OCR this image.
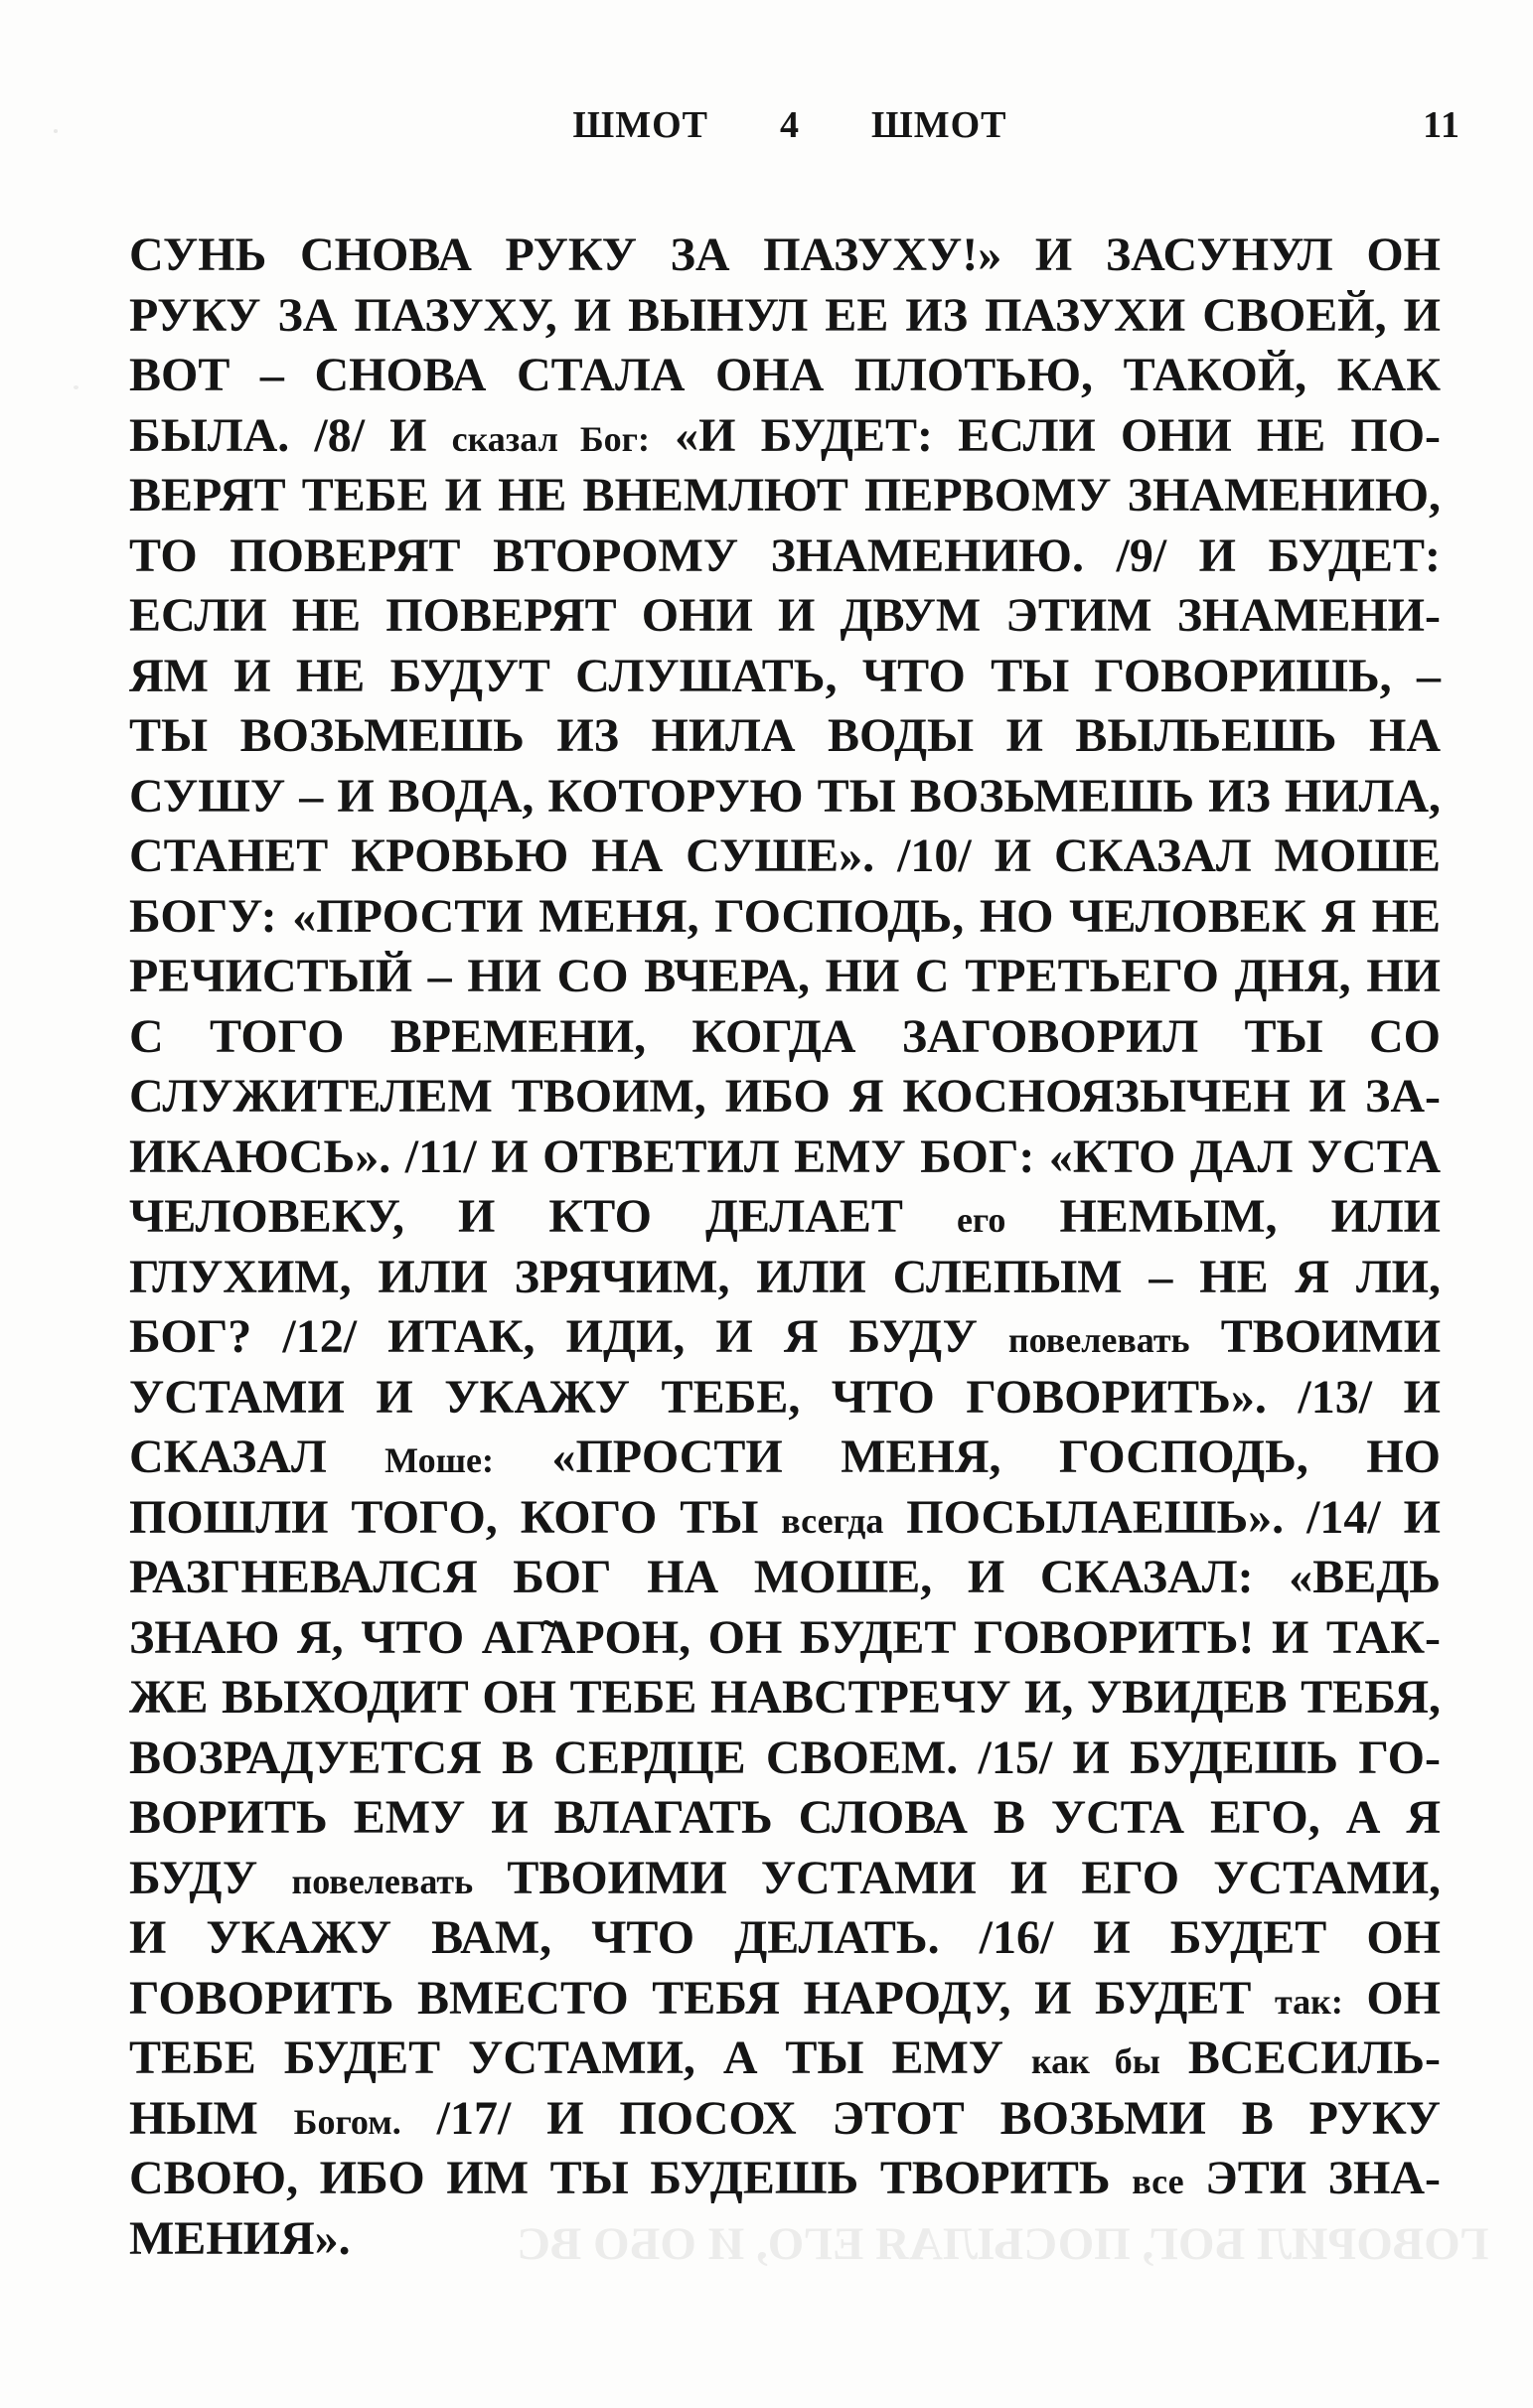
ШМОТ 4 ШМОТ	11
СУНЬ СНОВА РУКУ ЗА ПАЗУХУ!» И ЗАСУНУЛ ОН
РУКУ ЗА ПАЗУХУ, И ВЫНУЛ ЕЕ ИЗ ПАЗУХИ СВОЕЙ, И
ВОТ – СНОВА СТАЛА ОНА ПЛОТЬЮ, ТАКОЙ, КАК
БЫЛА. /8/ И сказал Бог: «И БУДЕТ: ЕСЛИ ОНИ НЕ ПО-
ВЕРЯТ ТЕБЕ И НЕ ВНЕМЛЮТ ПЕРВОМУ ЗНАМЕНИЮ,
ТО ПОВЕРЯТ ВТОРОМУ ЗНАМЕНИЮ. /9/ И БУДЕТ:
ЕСЛИ НЕ ПОВЕРЯТ ОНИ И ДВУМ ЭТИМ ЗНАМЕНИ-
ЯМ И НЕ БУДУТ СЛУШАТЬ, ЧТО ТЫ ГОВОРИШЬ, –
ТЫ ВОЗЬМЕШЬ ИЗ НИЛА ВОДЫ И ВЫЛЬЕШЬ НА
СУШУ – И ВОДА, КОТОРУЮ ТЫ ВОЗЬМЕШЬ ИЗ НИЛА,
СТАНЕТ КРОВЬЮ НА СУШЕ». /10/ И СКАЗАЛ МОШЕ
БОГУ: «ПРОСТИ МЕНЯ, ГОСПОДЬ, НО ЧЕЛОВЕК Я НЕ
РЕЧИСТЫЙ – НИ СО ВЧЕРА, НИ С ТРЕТЬЕГО ДНЯ, НИ
С ТОГО ВРЕМЕНИ, КОГДА ЗАГОВОРИЛ ТЫ СО
СЛУЖИТЕЛЕМ ТВОИМ, ИБО Я КОСНОЯЗЫЧЕН И ЗА-
ИКАЮСЬ». /11/ И ОТВЕТИЛ ЕМУ БОГ: «КТО ДАЛ УСТА
ЧЕЛОВЕКУ, И КТО ДЕЛАЕТ его НЕМЫМ, ИЛИ
ГЛУХИМ, ИЛИ ЗРЯЧИМ, ИЛИ СЛЕПЫМ – НЕ Я ЛИ,
БОГ? /12/ ИТАК, ИДИ, И Я БУДУ повелевать ТВОИМИ
УСТАМИ И УКАЖУ ТЕБЕ, ЧТО ГОВОРИТЬ». /13/ И
СКАЗАЛ Моше: «ПРОСТИ МЕНЯ, ГОСПОДЬ, НО
ПОШЛИ ТОГО, КОГО ТЫ всегда ПОСЫЛАЕШЬ». /14/ И
РАЗГНЕВАЛСЯ БОГ НА МОШЕ, И СКАЗАЛ: «ВЕДЬ
ЗНАЮ Я, ЧТО АГ̃АРОН, ОН БУДЕТ ГОВОРИТЬ! И ТАК-
ЖЕ ВЫХОДИТ ОН ТЕБЕ НАВСТРЕЧУ И, УВИДЕВ ТЕБЯ,
ВОЗРАДУЕТСЯ В СЕРДЦЕ СВОЕМ. /15/ И БУДЕШЬ ГО-
ВОРИТЬ ЕМУ И ВЛАГАТЬ СЛОВА В УСТА ЕГО, А Я
БУДУ повелевать ТВОИМИ УСТАМИ И ЕГО УСТАМИ,
И УКАЖУ ВАМ, ЧТО ДЕЛАТЬ. /16/ И БУДЕТ ОН
ГОВОРИТЬ ВМЕСТО ТЕБЯ НАРОДУ, И БУДЕТ так: ОН
ТЕБЕ БУДЕТ УСТАМИ, А ТЫ ЕМУ как бы ВСЕСИЛЬ-
НЫМ Богом. /17/ И ПОСОХ ЭТОТ ВОЗЬМИ В РУКУ
СВОЮ, ИБО ИМ ТЫ БУДЕШЬ ТВОРИТЬ все ЭТИ ЗНА-
МЕНИЯ».	ГОВОРИЛ БОГ, ПОСЫЛАЯ ЕГО, И ОБО ВС
